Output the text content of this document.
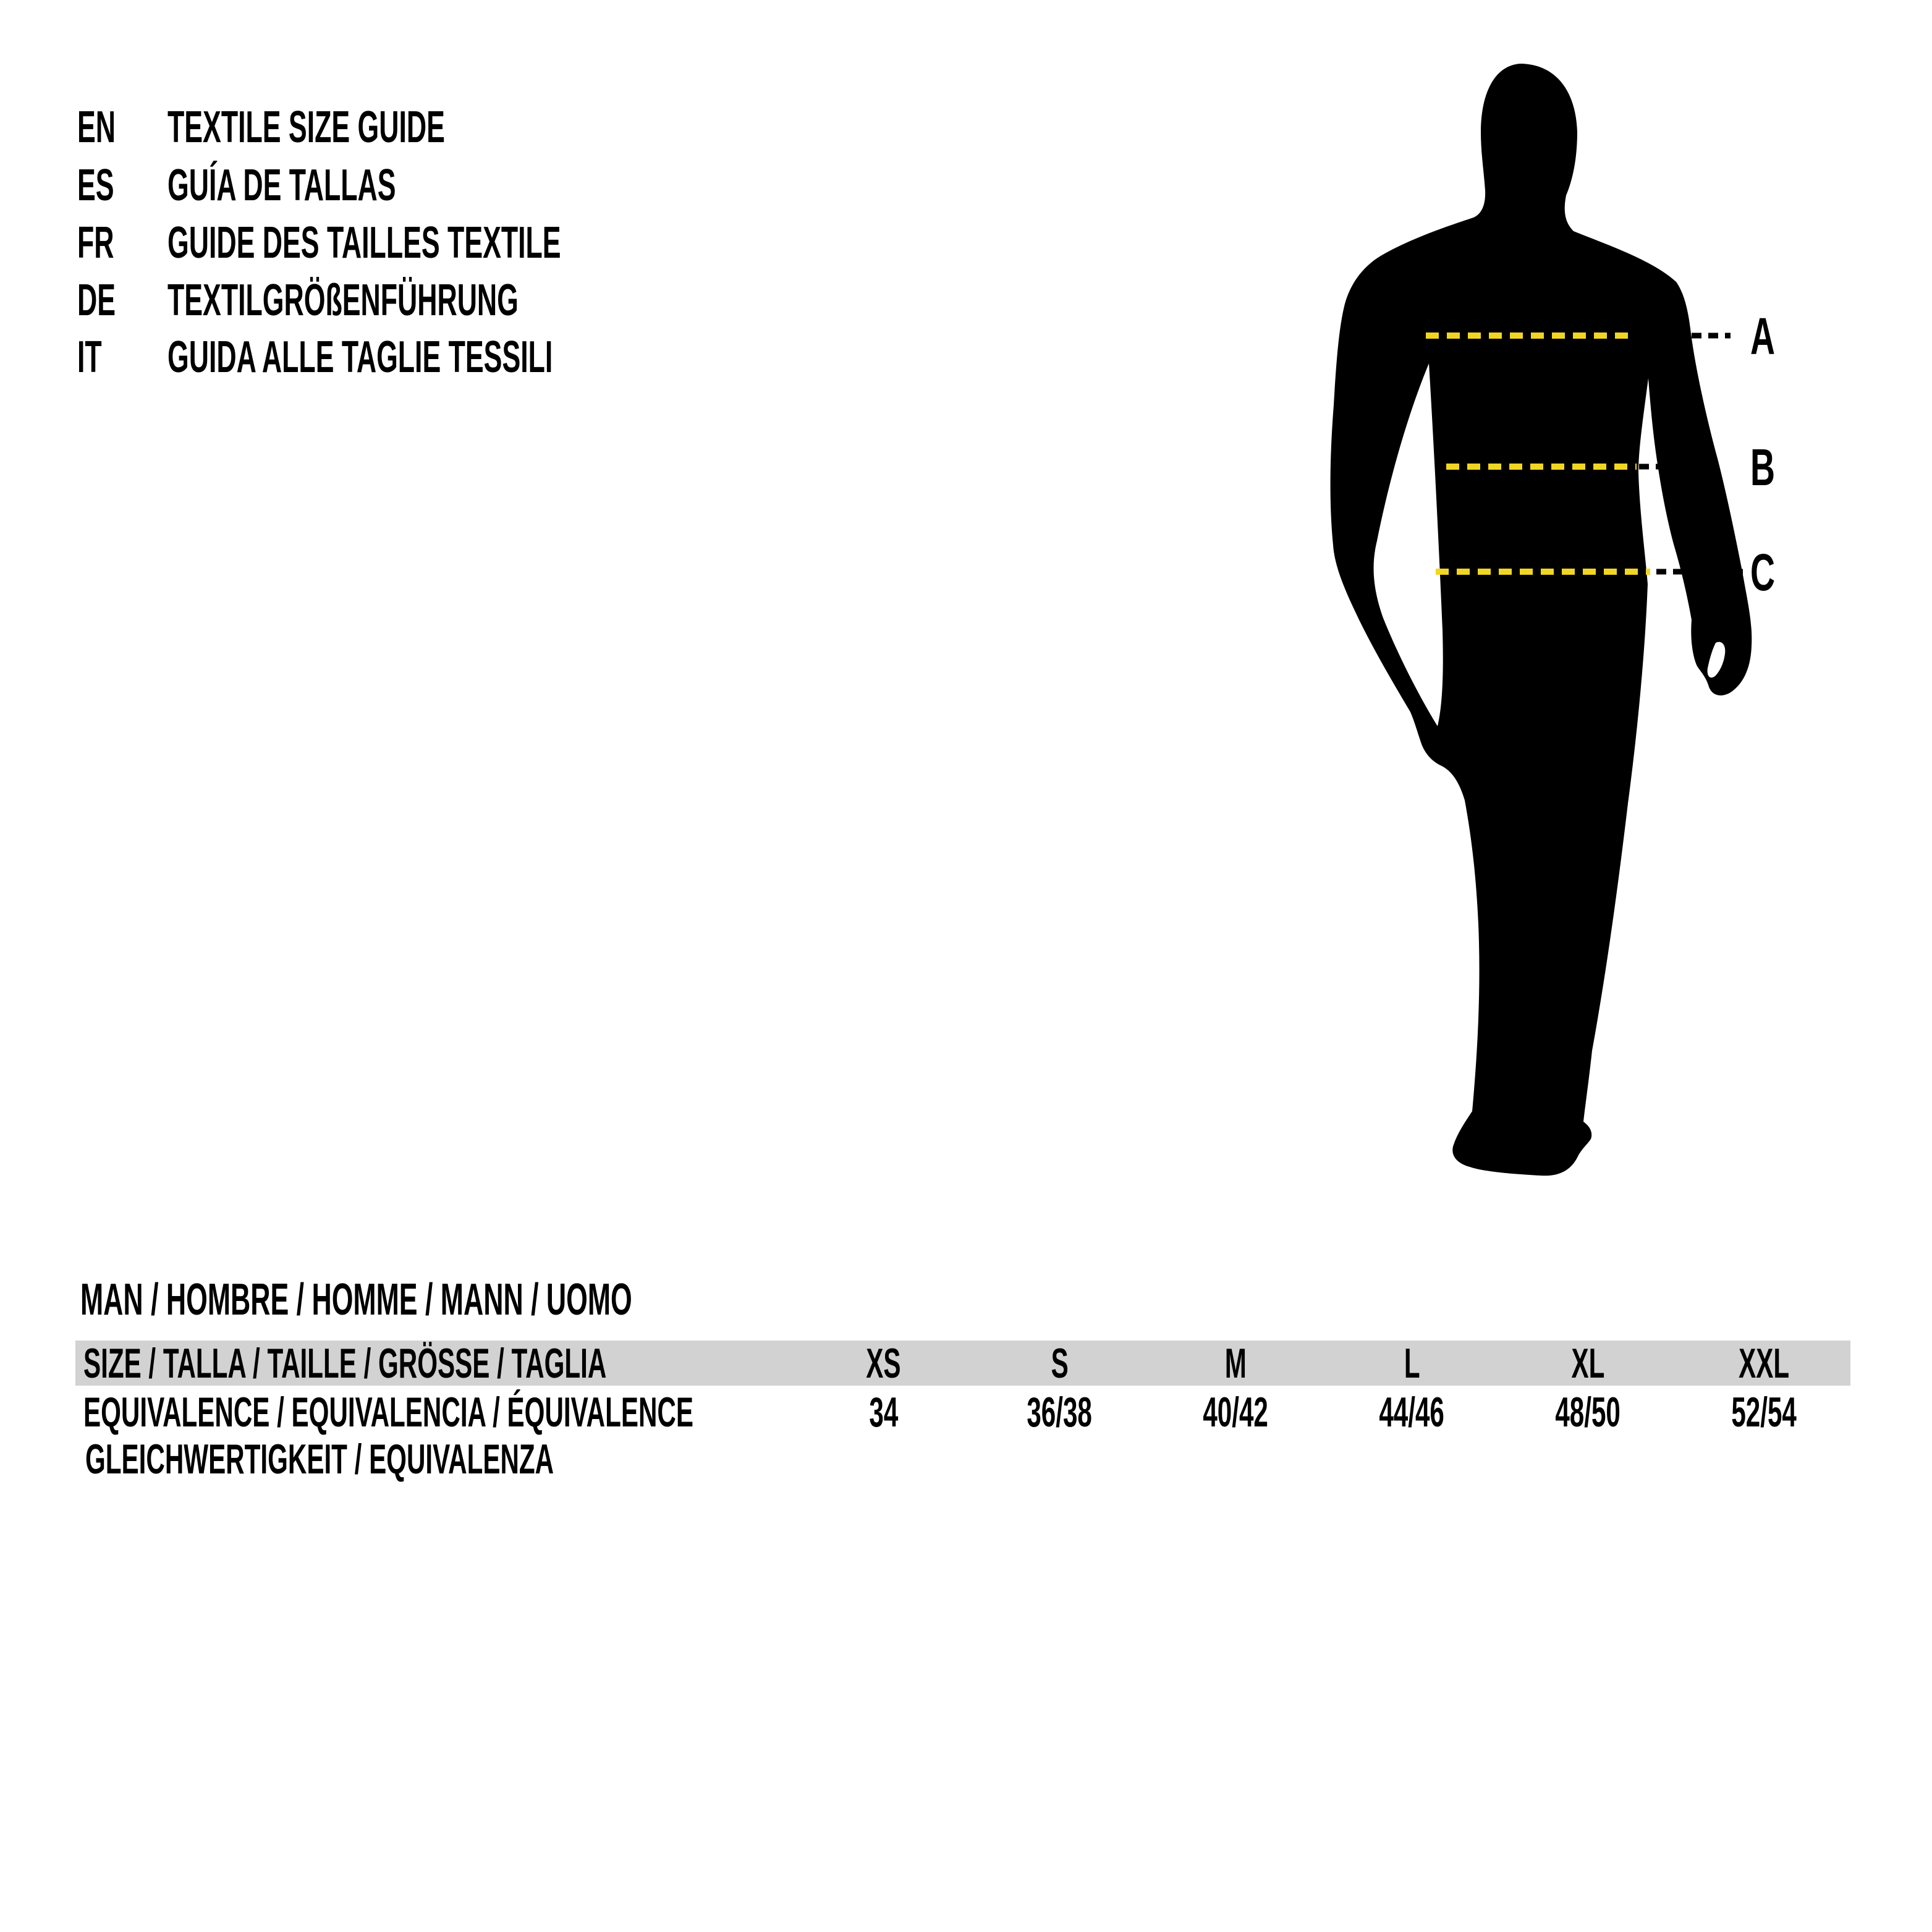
EN TEXTILE SIZE GUIDE
ES GUÍA DE TALLAS
FR GUIDE DES TAILLES TEXTILE
DE TEXTILGRÖßENFÜHRUNG
IT GUIDA ALLE TAGLIE TESSILI	A
B
C
MAN / HOMBRE / HOMME / MANN / UOMO
SIZE / TALLA / TAILLE / GRÖSSE / TAGLIA	XS	S	M	L	XL	XXL
EQUIVALENCE / EQUIVALENCIA / ÉQUIVALENCE
GLEICHWERTIGKEIT / EQUIVALENZA
34	36/38	40/42	44/46	48/50	52/54
